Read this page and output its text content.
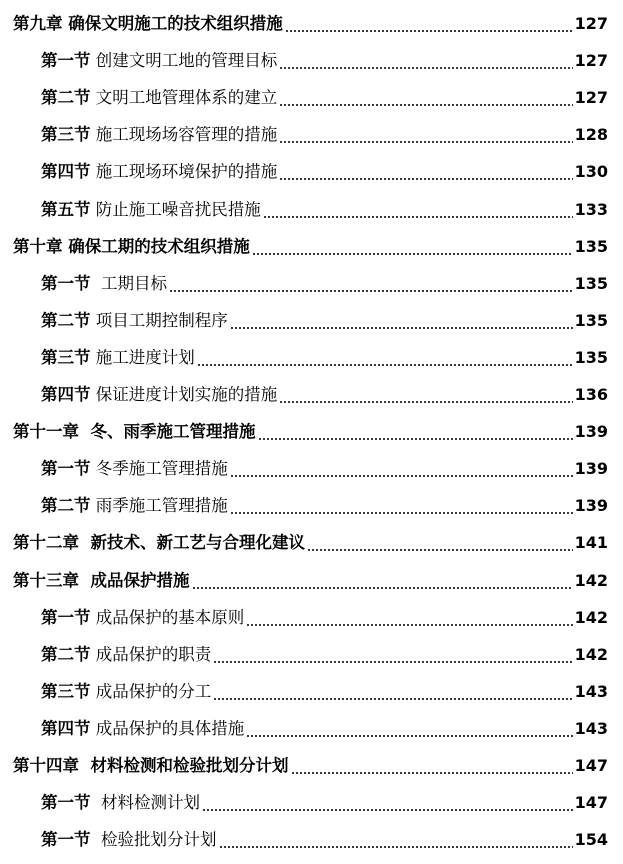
第九章 确保文明施工的技术组织措施	127
第一节 创建文明工地的管理目标	127
第二节 文明工地管理体系的建立	127
第三节 施工现场场容管理的措施	128
第四节 施工现场环境保护的措施	130
第五节 防止施工噪音扰民措施	133
第十章 确保工期的技术组织措施	135
第一节  工期目标	135
第二节 项目工期控制程序	135
第三节 施工进度计划	135
第四节 保证进度计划实施的措施	136
第十一章  冬、雨季施工管理措施	139
第一节 冬季施工管理措施	139
第二节 雨季施工管理措施	139
第十二章  新技术、新工艺与合理化建议	141
第十三章  成品保护措施	142
第一节 成品保护的基本原则	142
第二节 成品保护的职责	142
第三节 成品保护的分工	143
第四节 成品保护的具体措施	143
第十四章  材料检测和检验批划分计划	147
第一节  材料检测计划	147
第一节  检验批划分计划	154
